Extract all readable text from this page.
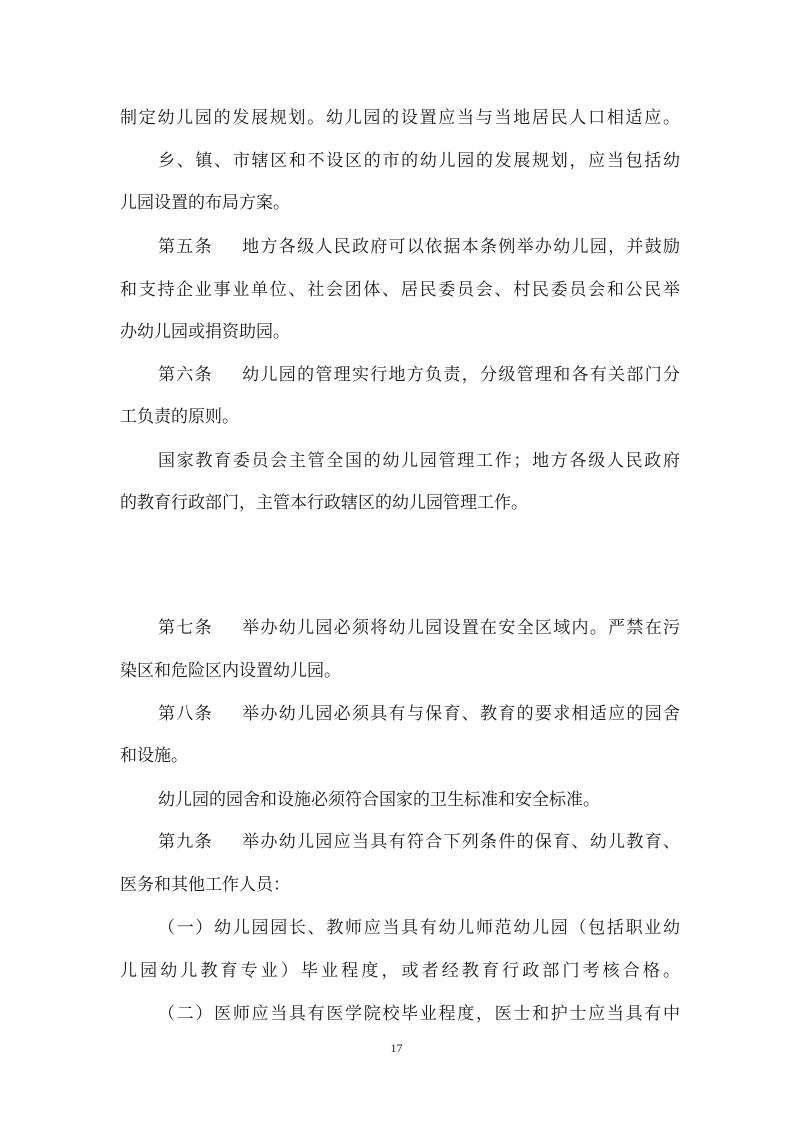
制定幼儿园的发展规划。幼儿园的设置应当与当地居民人口相适应。
乡、镇、市辖区和不设区的市的幼儿园的发展规划，应当包括幼
儿园设置的布局方案。
第五条 地方各级人民政府可以依据本条例举办幼儿园，并鼓励
和支持企业事业单位、社会团体、居民委员会、村民委员会和公民举
办幼儿园或捐资助园。
第六条 幼儿园的管理实行地方负责，分级管理和各有关部门分
工负责的原则。
国家教育委员会主管全国的幼儿园管理工作；地方各级人民政府
的教育行政部门，主管本行政辖区的幼儿园管理工作。
第七条 举办幼儿园必须将幼儿园设置在安全区域内。严禁在污
染区和危险区内设置幼儿园。
第八条 举办幼儿园必须具有与保育、教育的要求相适应的园舍
和设施。
幼儿园的园舍和设施必须符合国家的卫生标准和安全标准。
第九条 举办幼儿园应当具有符合下列条件的保育、幼儿教育、
医务和其他工作人员：
（一）幼儿园园长、教师应当具有幼儿师范幼儿园（包括职业幼
儿园幼儿教育专业）毕业程度，或者经教育行政部门考核合格。
（二）医师应当具有医学院校毕业程度，医士和护士应当具有中
17
